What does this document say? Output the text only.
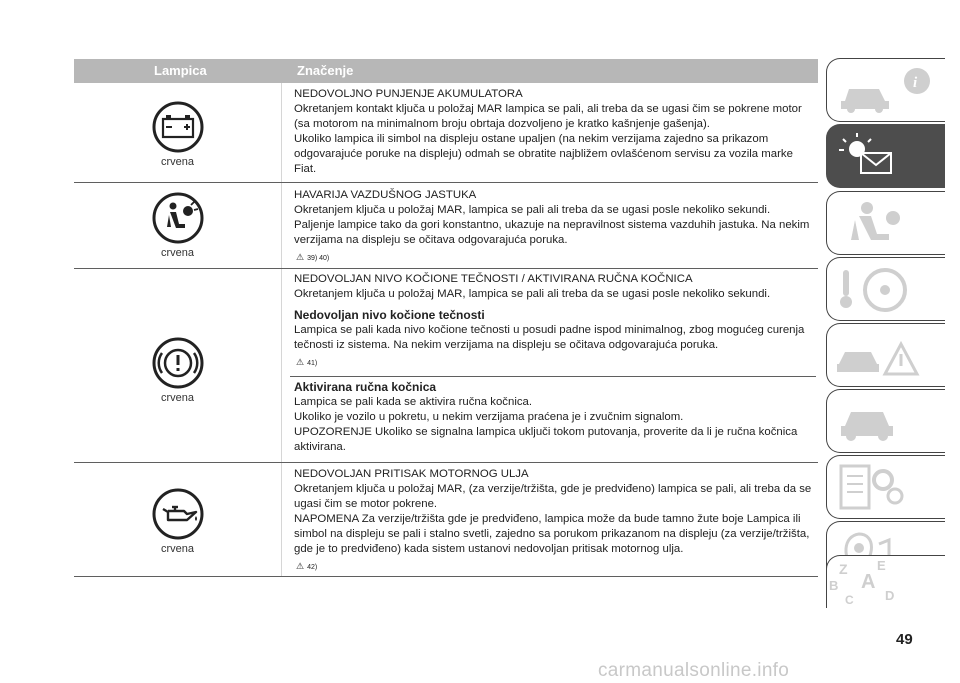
Lampica	Značenje
crvena

NEDOVOLJNO PUNJENJE AKUMULATORA

Okretanjem kontakt ključa u položaj MAR lampica se pali, ali treba da se ugasi čim se pokrene motor (sa motorom na minimalnom broju obrtaja dozvoljeno je kratko kašnjenje gašenja).

Ukoliko lampica ili simbol na displeju ostane upaljen (na nekim verzijama zajedno sa prikazom odgovarajuće poruke na displeju) odmah se obratite najbližem ovlašćenom servisu za vozila marke Fiat.

crvena

HAVARIJA VAZDUŠNOG JASTUKA

Okretanjem ključa u položaj MAR, lampica se pali ali treba da se ugasi posle nekoliko sekundi.

Paljenje lampice tako da gori konstantno, ukazuje na nepravilnost sistema vazduhih jastuka. Na nekim verzijama na displeju se očitava odgovarajuća poruka.

⚠ 39) 40)
crvena

NEDOVOLJAN NIVO KOČIONE TEČNOSTI / AKTIVIRANA RUČNA KOČNICA

Okretanjem ključa u položaj MAR, lampica se pali ali treba da se ugasi posle nekoliko sekundi.

Nedovoljan nivo kočione tečnosti

Lampica se pali kada nivo kočione tečnosti u posudi padne ispod minimalnog, zbog mogućeg curenja tečnosti iz sistema. Na nekim verzijama na displeju se očitava odgovarajuća poruka.

⚠ 41)

Aktivirana ručna kočnica

Lampica se pali kada se aktivira ručna kočnica.

Ukoliko je vozilo u pokretu, u nekim verzijama praćena je i zvučnim signalom.

UPOZORENJE Ukoliko se signalna lampica uključi tokom putovanja, proverite da li je ručna kočnica aktivirana.

crvena

NEDOVOLJAN PRITISAK MOTORNOG ULJA

Okretanjem ključa u položaj MAR, (za verzije/tržišta, gde je predviđeno) lampica se pali, ali treba da se ugasi čim se motor pokrene.

NAPOMENA Za verzije/tržišta gde je predviđeno, lampica može da bude tamno žute boje Lampica ili simbol na displeju se pali i stalno svetli, zajedno sa porukom prikazanom na displeju (za verzije/tržišta, gde je to predviđeno) kada sistem ustanovi nedovoljan pritisak motornog ulja.

⚠ 42)
i
Z E
B A
C D
49
carmanualsonline.info
